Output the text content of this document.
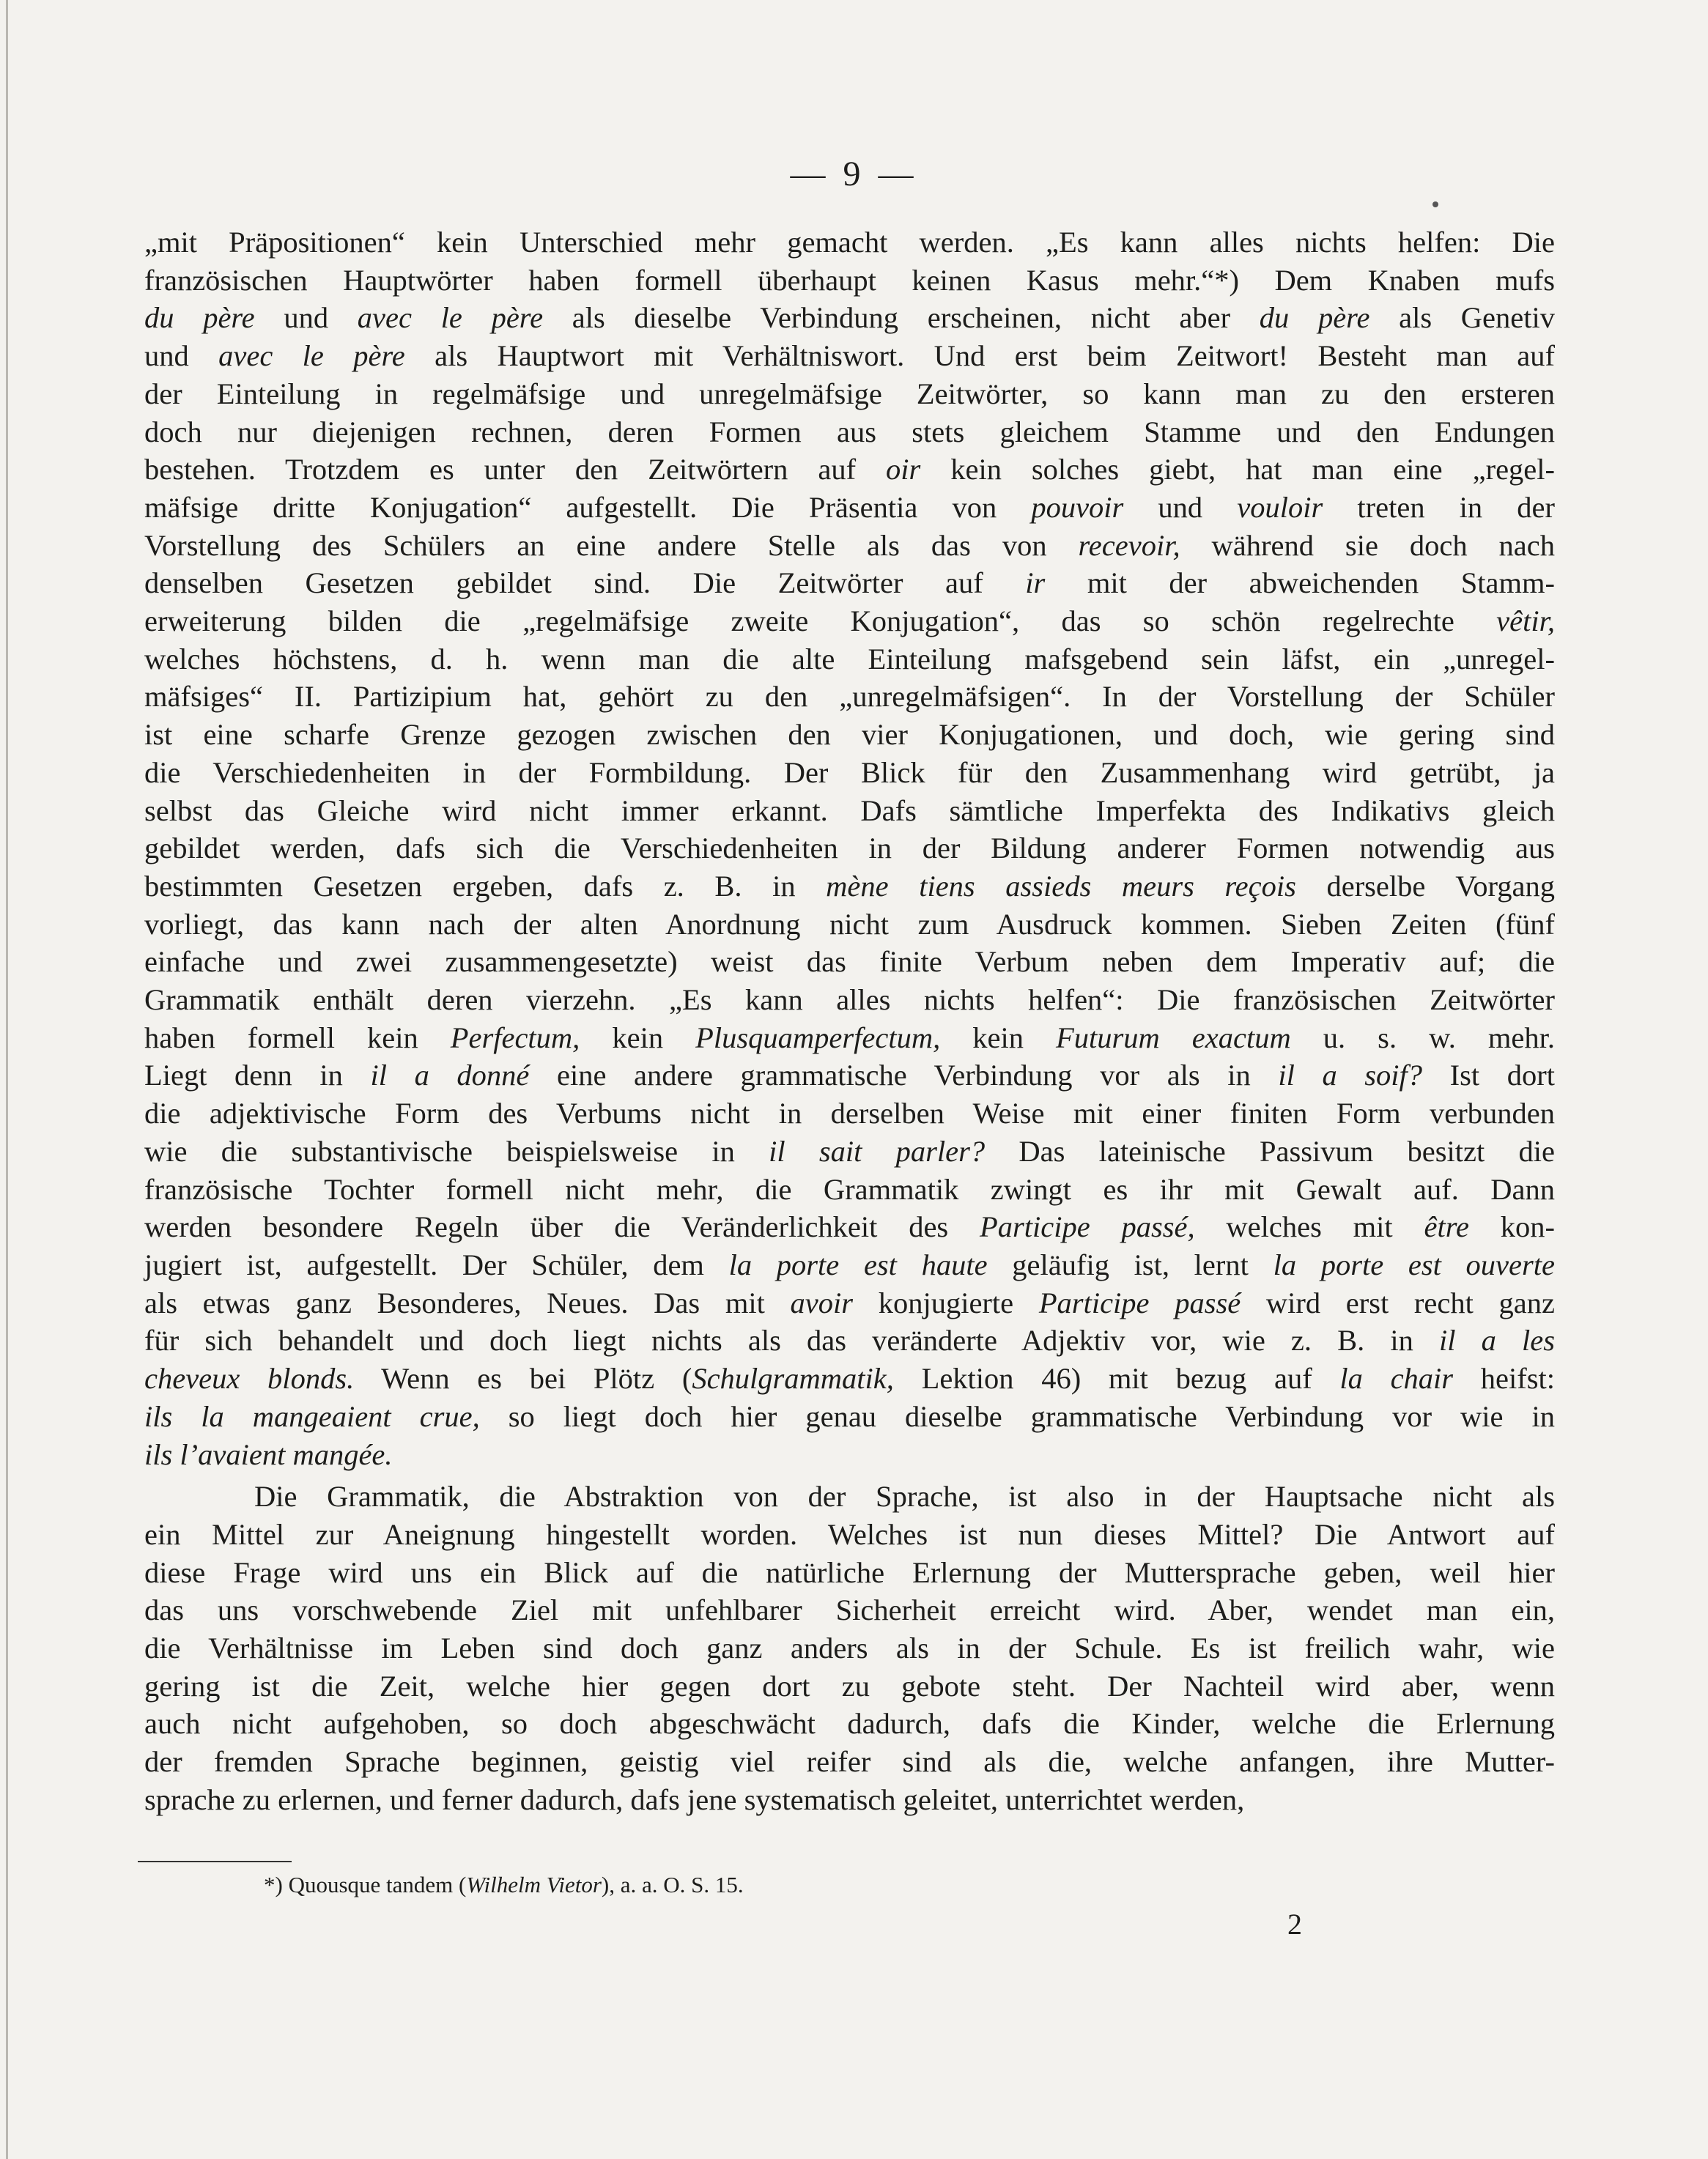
— 9 —

„mit Präpositionen“ kein Unterschied mehr gemacht werden. „Es kann alles nichts helfen: Die

französischen Hauptwörter haben formell überhaupt keinen Kasus mehr.“*) Dem Knaben mufs

du père und avec le père als dieselbe Verbindung erscheinen, nicht aber du père als Genetiv

und avec le père als Hauptwort mit Verhältniswort. Und erst beim Zeitwort! Besteht man auf

der Einteilung in regelmäfsige und unregelmäfsige Zeitwörter, so kann man zu den ersteren

doch nur diejenigen rechnen, deren Formen aus stets gleichem Stamme und den Endungen

bestehen. Trotzdem es unter den Zeitwörtern auf oir kein solches giebt, hat man eine „regel-

mäfsige dritte Konjugation“ aufgestellt. Die Präsentia von pouvoir und vouloir treten in der

Vorstellung des Schülers an eine andere Stelle als das von recevoir, während sie doch nach

denselben Gesetzen gebildet sind. Die Zeitwörter auf ir mit der abweichenden Stamm-

erweiterung bilden die „regelmäfsige zweite Konjugation“, das so schön regelrechte vêtir,

welches höchstens, d. h. wenn man die alte Einteilung mafsgebend sein läfst, ein „unregel-

mäfsiges“ II. Partizipium hat, gehört zu den „unregelmäfsigen“. In der Vorstellung der Schüler

ist eine scharfe Grenze gezogen zwischen den vier Konjugationen, und doch, wie gering sind

die Verschiedenheiten in der Formbildung. Der Blick für den Zusammenhang wird getrübt, ja

selbst das Gleiche wird nicht immer erkannt. Dafs sämtliche Imperfekta des Indikativs gleich

gebildet werden, dafs sich die Verschiedenheiten in der Bildung anderer Formen notwendig aus

bestimmten Gesetzen ergeben, dafs z. B. in mène tiens assieds meurs reçois derselbe Vorgang

vorliegt, das kann nach der alten Anordnung nicht zum Ausdruck kommen. Sieben Zeiten (fünf

einfache und zwei zusammengesetzte) weist das finite Verbum neben dem Imperativ auf; die

Grammatik enthält deren vierzehn. „Es kann alles nichts helfen“: Die französischen Zeitwörter

haben formell kein Perfectum, kein Plusquamperfectum, kein Futurum exactum u. s. w. mehr.

Liegt denn in il a donné eine andere grammatische Verbindung vor als in il a soif? Ist dort

die adjektivische Form des Verbums nicht in derselben Weise mit einer finiten Form verbunden

wie die substantivische beispielsweise in il sait parler? Das lateinische Passivum besitzt die

französische Tochter formell nicht mehr, die Grammatik zwingt es ihr mit Gewalt auf. Dann

werden besondere Regeln über die Veränderlichkeit des Participe passé, welches mit être kon-

jugiert ist, aufgestellt. Der Schüler, dem la porte est haute geläufig ist, lernt la porte est ouverte

als etwas ganz Besonderes, Neues. Das mit avoir konjugierte Participe passé wird erst recht ganz

für sich behandelt und doch liegt nichts als das veränderte Adjektiv vor, wie z. B. in il a les

cheveux blonds. Wenn es bei Plötz (Schulgrammatik, Lektion 46) mit bezug auf la chair heifst:

ils la mangeaient crue, so liegt doch hier genau dieselbe grammatische Verbindung vor wie in

ils l’avaient mangée.

Die Grammatik, die Abstraktion von der Sprache, ist also in der Hauptsache nicht als

ein Mittel zur Aneignung hingestellt worden. Welches ist nun dieses Mittel? Die Antwort auf

diese Frage wird uns ein Blick auf die natürliche Erlernung der Muttersprache geben, weil hier

das uns vorschwebende Ziel mit unfehlbarer Sicherheit erreicht wird. Aber, wendet man ein,

die Verhältnisse im Leben sind doch ganz anders als in der Schule. Es ist freilich wahr, wie

gering ist die Zeit, welche hier gegen dort zu gebote steht. Der Nachteil wird aber, wenn

auch nicht aufgehoben, so doch abgeschwächt dadurch, dafs die Kinder, welche die Erlernung

der fremden Sprache beginnen, geistig viel reifer sind als die, welche anfangen, ihre Mutter-

sprache zu erlernen, und ferner dadurch, dafs jene systematisch geleitet, unterrichtet werden,

*) Quousque tandem (Wilhelm Vietor), a. a. O. S. 15.
2
